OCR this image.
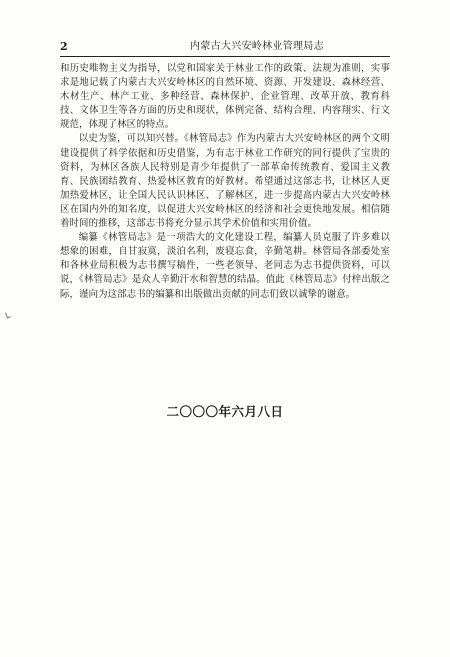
2	内蒙古大兴安岭林业管理局志

和历史唯物主义为指导，以党和国家关于林业工作的政策、法规为准则，实事求是地记载了内蒙古大兴安岭林区的自然环境、资源、开发建设、森林经营、木材生产、林产工业、多种经营、森林保护、企业管理、改革开放、教育科技、文体卫生等各方面的历史和现状，体例完备、结构合理、内容翔实、行文规范，体现了林区的特点。

以史为鉴，可以知兴替。《林管局志》作为内蒙古大兴安岭林区的两个文明建设提供了科学依据和历史借鉴，为有志于林业工作研究的同行提供了宝贵的资料，为林区各族人民特别是青少年提供了一部革命传统教育、爱国主义教育、民族团结教育、热爱林区教育的好教材。希望通过这部志书，让林区人更加热爱林区，让全国人民认识林区、了解林区，进一步提高内蒙古大兴安岭林区在国内外的知名度，以促进大兴安岭林区的经济和社会更快地发展。相信随着时间的推移，这部志书将充分显示其学术价值和实用价值。

编纂《林管局志》是一项浩大的文化建设工程，编纂人员克服了许多难以想象的困难，自甘寂寞，淡泊名利，废寝忘食，辛勤笔耕。林管局各部委处室和各林业局积极为志书撰写稿件，一些老领导、老同志为志书提供资料，可以说，《林管局志》是众人辛勤汗水和智慧的结晶。值此《林管局志》付梓出版之际，谨向为这部志书的编纂和出版做出贡献的同志们致以诚挚的谢意。

二〇〇〇年六月八日
